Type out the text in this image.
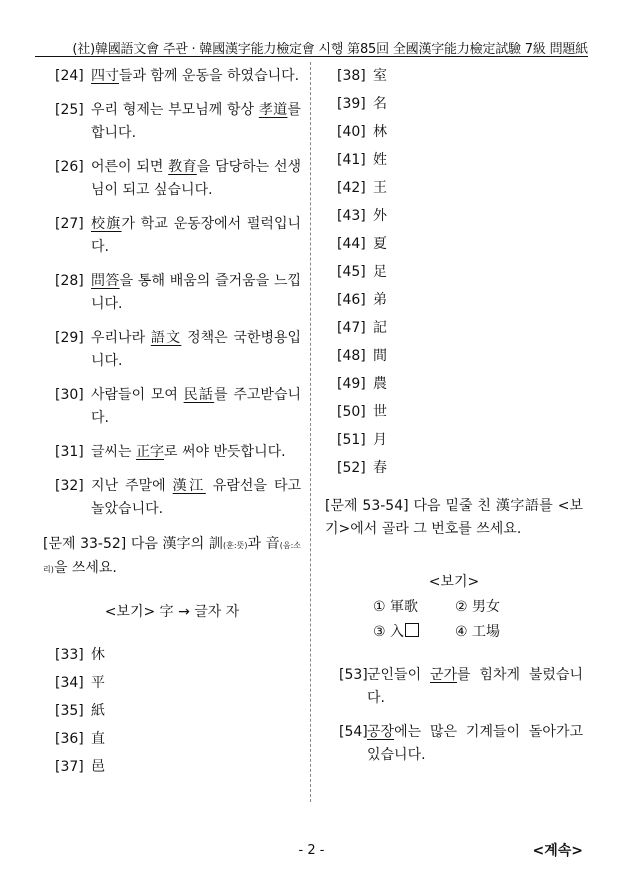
(社)韓國語文會 주관 · 韓國漢字能力檢定會 시행 第85回 全國漢字能力檢定試驗 7級 問題紙
[24] 四寸들과 함께 운동을 하였습니다.
[25] 우리 형제는 부모님께 항상 孝道를 합니다.
[26] 어른이 되면 教育을 담당하는 선생님이 되고 싶습니다.
[27] 校旗가 학교 운동장에서 펄럭입니다.
[28] 問答을 통해 배움의 즐거움을 느낍니다.
[29] 우리나라 語文 정책은 국한병용입니다.
[30] 사람들이 모여 民話를 주고받습니다.
[31] 글씨는 正字로 써야 반듯합니다.
[32] 지난 주말에 漢江 유람선을 타고 놀았습니다.
[문제 33-52] 다음 漢字의 訓(훈:뜻)과 音(음:소리)을 쓰세요.
<보기> 字 → 글자 자
[33] 休
[34] 平
[35] 紙
[36] 直
[37] 邑
[38] 室
[39] 名
[40] 林
[41] 姓
[42] 王
[43] 外
[44] 夏
[45] 足
[46] 弟
[47] 記
[48] 間
[49] 農
[50] 世
[51] 月
[52] 春
[문제 53-54] 다음 밑줄 친 漢字語를 <보기>에서 골라 그 번호를 쓰세요.
<보기>
① 軍歌	② 男女
③ 入	④ 工場
[53] 군인들이 군가를 힘차게 불렀습니다.
[54] 공장에는 많은 기계들이 돌아가고 있습니다.
- 2 -	<계속>
